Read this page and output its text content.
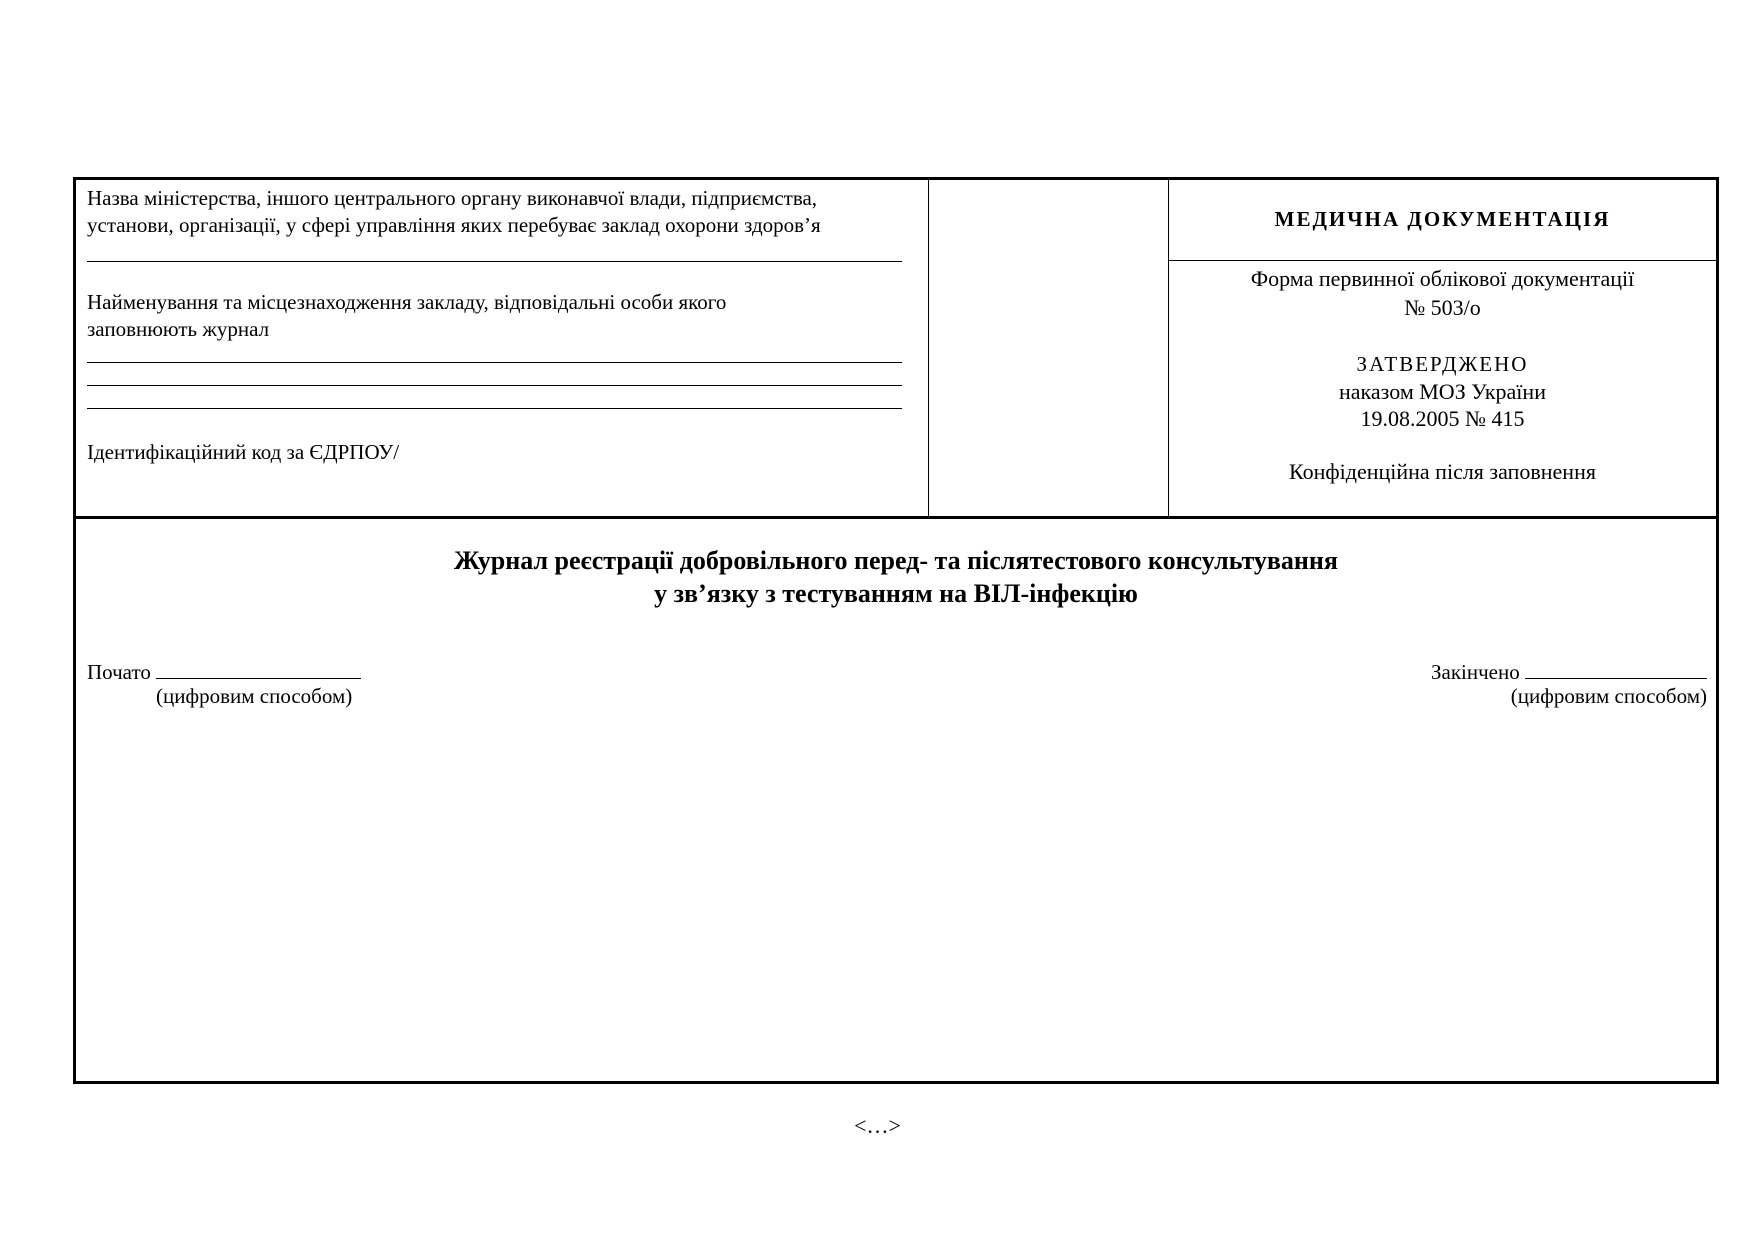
Назва міністерства, іншого центрального органу виконавчої влади, підприємства,
установи, організації, у сфері управління яких перебуває заклад охорони здоров’я
Найменування та місцезнаходження закладу, відповідальні особи якого
заповнюють журнал
Ідентифікаційний код за ЄДРПОУ/
МЕДИЧНА ДОКУМЕНТАЦІЯ
Форма первинної облікової документації
№ 503/о
ЗАТВЕРДЖЕНО
наказом МОЗ України
19.08.2005 № 415
Конфіденційна після заповнення
Журнал реєстрації добровільного перед- та післятестового консультування
у зв’язку з тестуванням на ВІЛ-інфекцію
Почато
(цифровим способом)
Закінчено
(цифровим способом)
<…>
